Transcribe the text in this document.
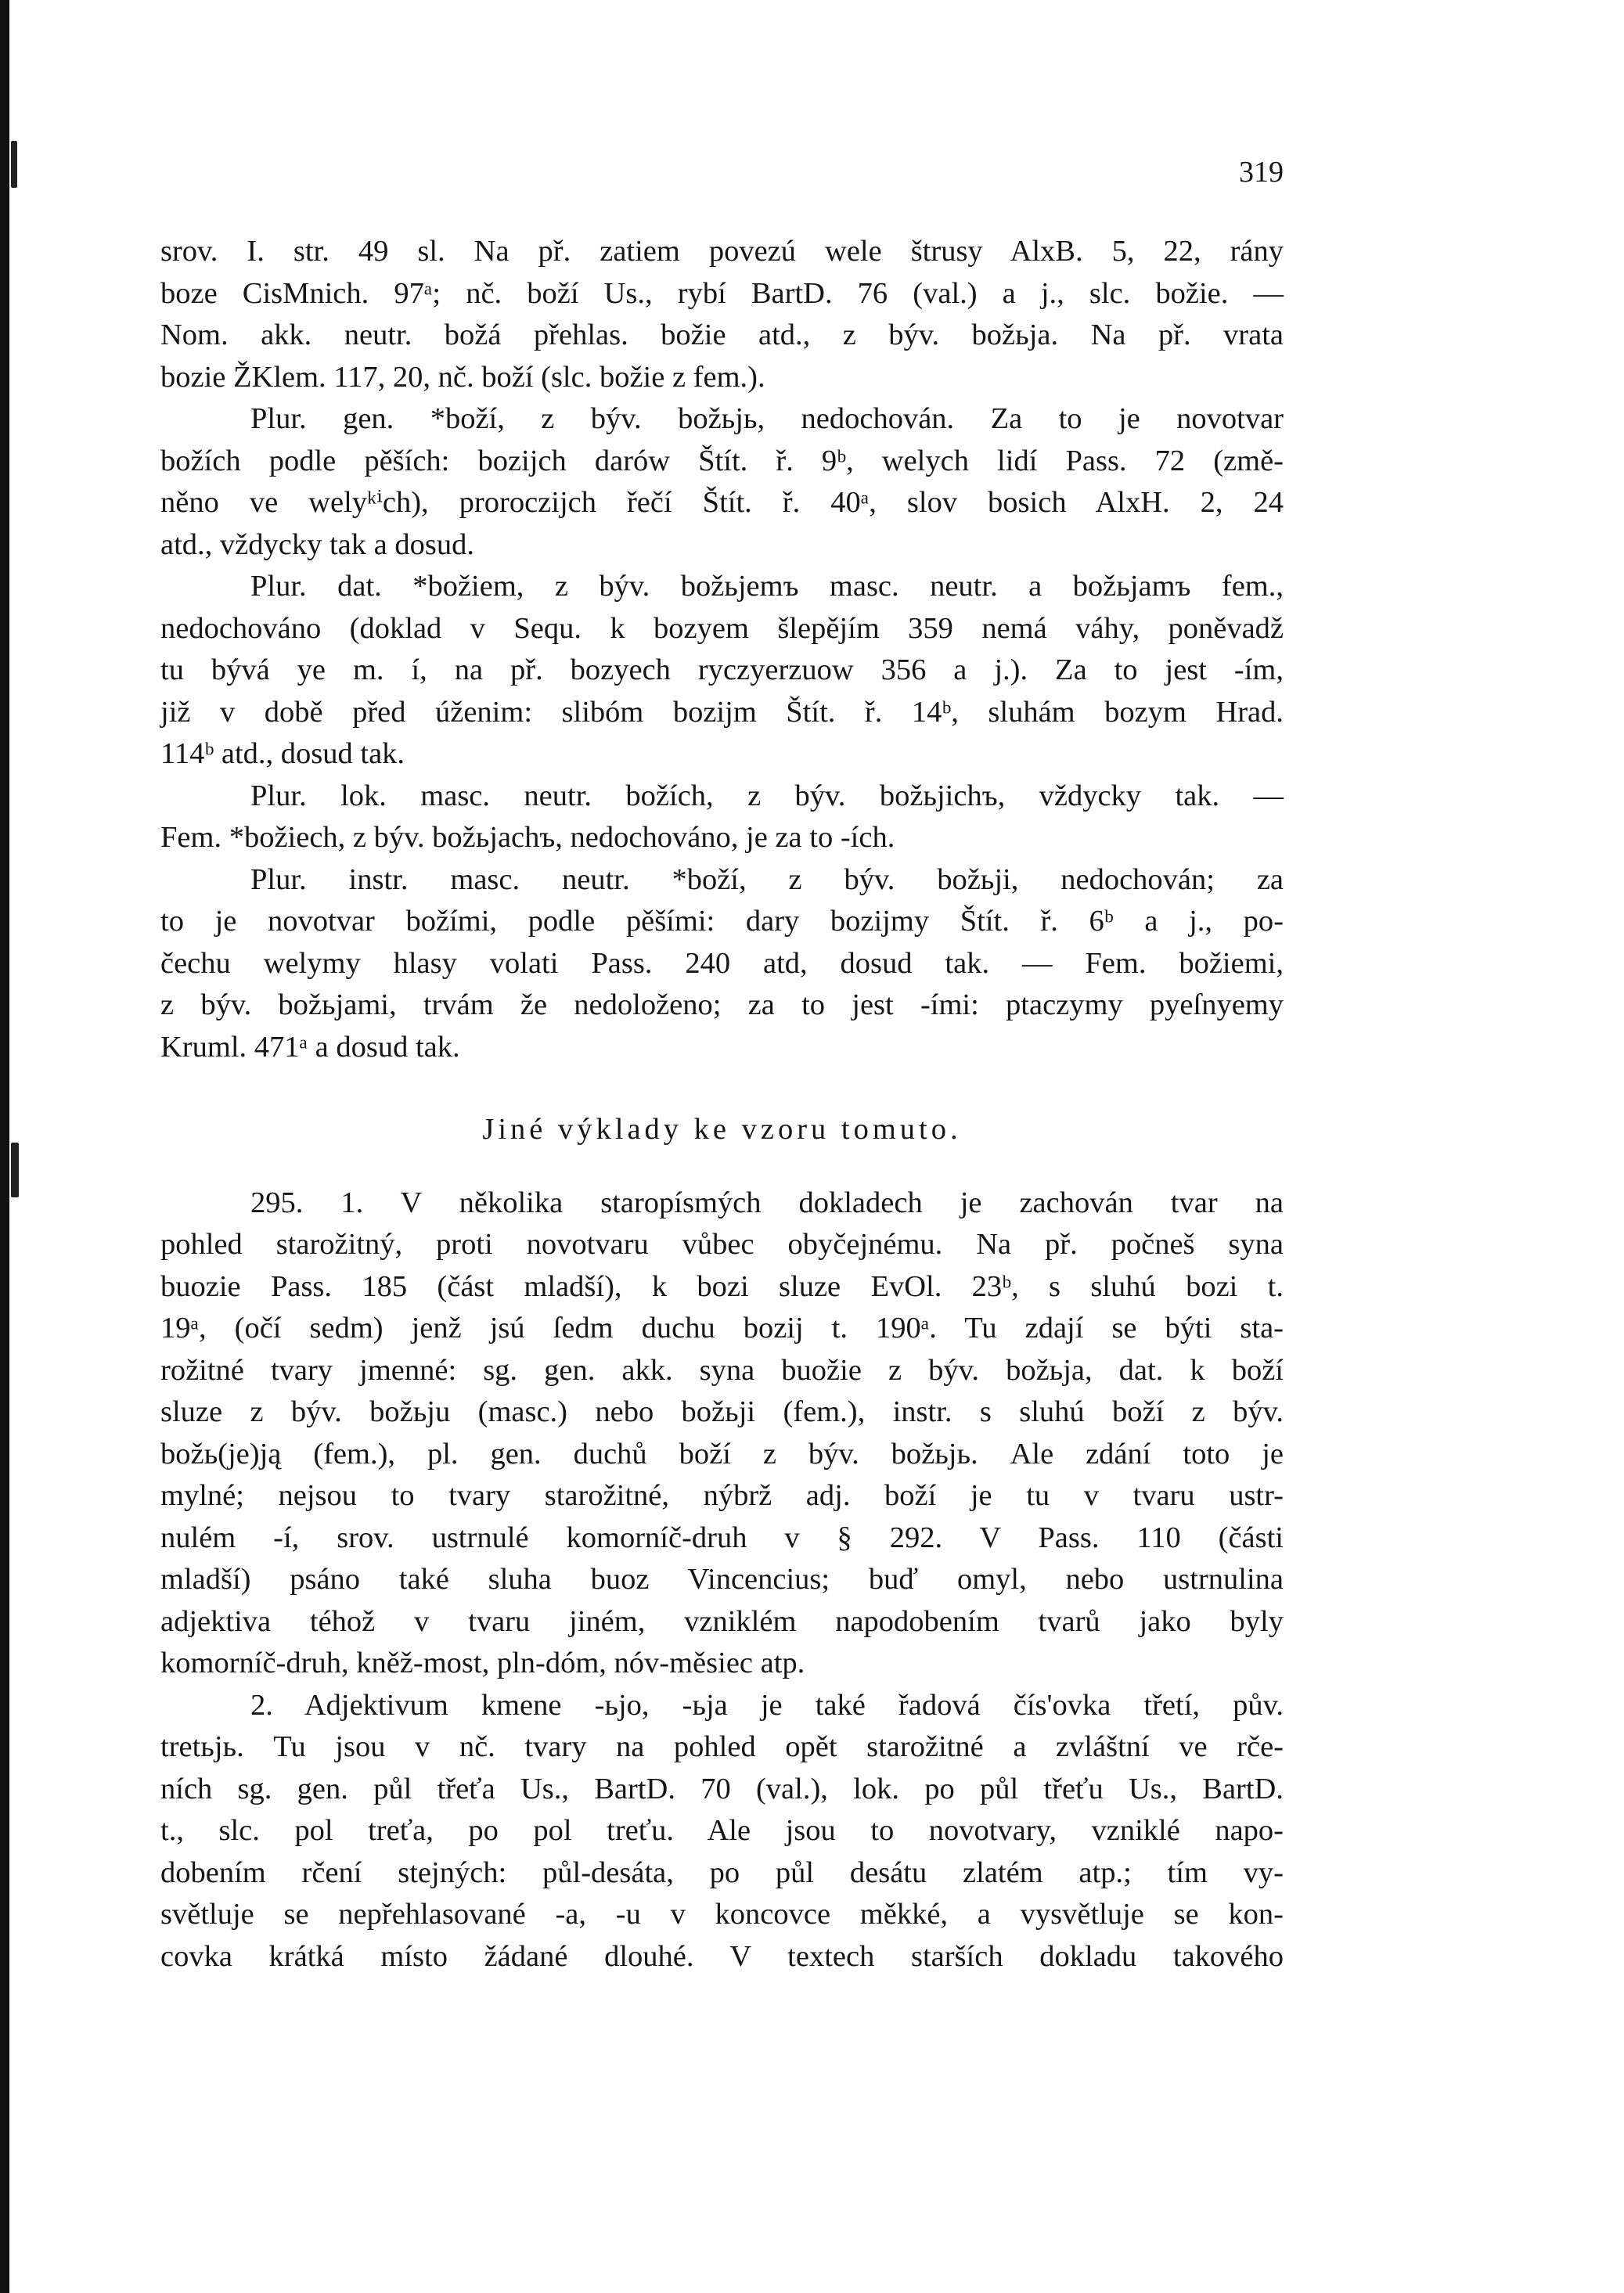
319

srov. I. str. 49 sl. Na př. zatiem povezú wele štrusy AlxB. 5, 22, rány

boze CisMnich. 97ᵃ; nč. boží Us., rybí BartD. 76 (val.) a j., slc. božie. —

Nom. akk. neutr. božá přehlas. božie atd., z býv. božьja. Na př. vrata

bozie ŽKlem. 117, 20, nč. boží (slc. božie z fem.).

Plur. gen. *boží, z býv. božьjь, nedochován. Za to je novotvar

božích podle pěších: bozijch darów Štít. ř. 9ᵇ, welych lidí Pass. 72 (změ-

něno ve welyᵏⁱch), proroczijch řečí Štít. ř. 40ᵃ, slov bosich AlxH. 2, 24

atd., vždycky tak a dosud.

Plur. dat. *božiem, z býv. božьjemъ masc. neutr. a božьjamъ fem.,

nedochováno (doklad v Sequ. k bozyem šlepějím 359 nemá váhy, poněvadž

tu bývá ye m. í, na př. bozyech ryczyerzuow 356 a j.). Za to jest -ím,

již v době před úženim: slibóm bozijm Štít. ř. 14ᵇ, sluhám bozym Hrad.

114ᵇ atd., dosud tak.

Plur. lok. masc. neutr. božích, z býv. božьjichъ, vždycky tak. —

Fem. *božiech, z býv. božьjachъ, nedochováno, je za to -ích.

Plur. instr. masc. neutr. *boží, z býv. božьji, nedochován; za

to je novotvar božími, podle pěšími: dary bozijmy Štít. ř. 6ᵇ a j., po-

čechu welymy hlasy volati Pass. 240 atd, dosud tak. — Fem. božiemi,

z býv. božьjami, trvám že nedoloženo; za to jest -ími: ptaczymy pyeſnyemy

Kruml. 471ᵃ a dosud tak.

Jiné výklady ke vzoru tomuto.

295. 1. V několika staropísmých dokladech je zachován tvar na

pohled starožitný, proti novotvaru vůbec obyčejnému. Na př. počneš syna

buozie Pass. 185 (část mladší), k bozi sluze EvOl. 23ᵇ, s sluhú bozi t.

19ᵃ, (očí sedm) jenž jsú ſedm duchu bozij t. 190ᵃ. Tu zdají se býti sta-

rožitné tvary jmenné: sg. gen. akk. syna buožie z býv. božьja, dat. k boží

sluze z býv. božьju (masc.) nebo božьji (fem.), instr. s sluhú boží z býv.

božь(je)ją (fem.), pl. gen. duchů boží z býv. božьjь. Ale zdání toto je

mylné; nejsou to tvary starožitné, nýbrž adj. boží je tu v tvaru ustr-

nulém -í, srov. ustrnulé komorníč-druh v § 292. V Pass. 110 (části

mladší) psáno také sluha buoz Vincencius; buď omyl, nebo ustrnulina

adjektiva téhož v tvaru jiném, vzniklém napodobením tvarů jako byly

komorníč-druh, kněž-most, pln-dóm, nóv-měsiec atp.

2. Adjektivum kmene -ьjo, -ьja je také řadová čís'ovka třetí, pův.

tretьjь. Tu jsou v nč. tvary na pohled opět starožitné a zvláštní ve rče-

ních sg. gen. půl třeťa Us., BartD. 70 (val.), lok. po půl třeťu Us., BartD.

t., slc. pol treťa, po pol treťu. Ale jsou to novotvary, vzniklé napo-

dobením rčení stejných: půl-desáta, po půl desátu zlatém atp.; tím vy-

světluje se nepřehlasované -a, -u v koncovce měkké, a vysvětluje se kon-

covka krátká místo žádané dlouhé. V textech starších dokladu takového
